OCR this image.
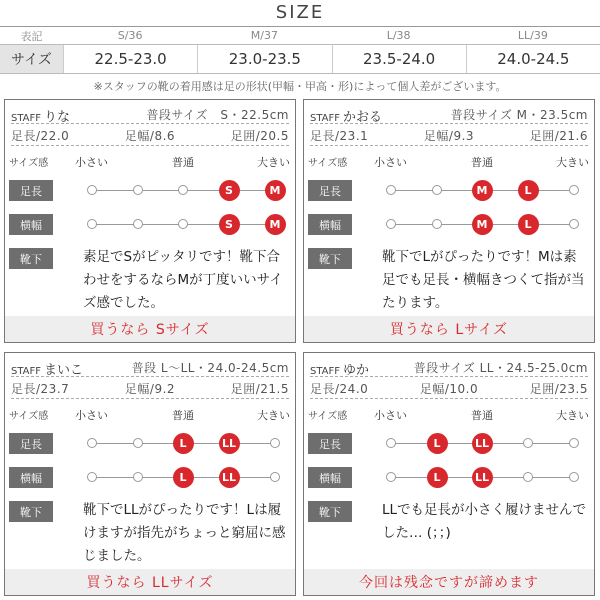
SIZE
表記	S/36	M/37	L/38	LL/39
サイズ	22.5-23.0	23.0-23.5	23.5-24.0	24.0-24.5
※スタッフの靴の着用感は足の形状(甲幅・甲高・形)によって個人差がございます。
STAFF りな	普段サイズ　S・22.5cm
足長/22.0	足幅/8.6	足囲/20.5
サイズ感 小さい	普通	大きい
足長	S	M
横幅	S	M
靴下	素足でSがピッタリです！靴下合わせをするならMが丁度いいサイズ感でした。
買うなら Sサイズ
STAFF かおる	普段サイズ M・23.5cm
足長/23.1	足幅/9.3	足囲/21.6
サイズ感 小さい	普通	大きい
足長	M	L
横幅	M	L
靴下	靴下でLがぴったりです！Mは素足でも足長・横幅きつくて指が当たります。
買うなら Lサイズ
STAFF まいこ	普段 L〜LL・24.0-24.5cm
足長/23.7	足幅/9.2	足囲/21.5
サイズ感 小さい	普通	大きい
足長	L	LL
横幅	L	LL
靴下	靴下でLLがぴったりです！Lは履けますが指先がちょっと窮屈に感じました。
買うなら LLサイズ
STAFF ゆか	普段サイズ LL・24.5-25.0cm
足長/24.0	足幅/10.0	足囲/23.5
サイズ感 小さい	普通	大きい
足長	L	LL
横幅	L	LL
靴下	LLでも足長が小さく履けませんでした… (；；)
今回は残念ですが諦めます
